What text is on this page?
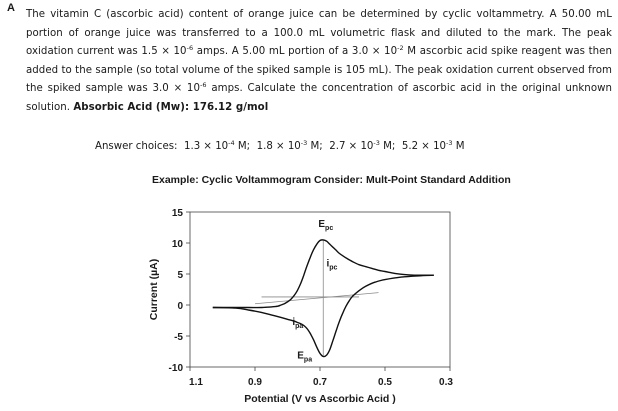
A
The vitamin C (ascorbic acid) content of orange juice can be determined by cyclic voltammetry. A 50.00 mL portion of orange juice was transferred to a 100.0 mL volumetric flask and diluted to the mark. The peak oxidation current was $1.5 \times 10^{-6}$ amps. A 5.00 mL portion of a $3.0 \times 10^{-2}$ M ascorbic acid spike reagent was then added to the sample (so total volume of the spiked sample is 105 mL). The peak oxidation current observed from the spiked sample was $3.0 \times 10^{-6}$ amps. Calculate the concentration of ascorbic acid in the original unknown solution. Absorbic Acid (Mw): 176.12 g/mol
Answer choices: $1.3 \times 10^{-4}$ M; $1.8 \times 10^{-3}$ M; $2.7 \times 10^{-3}$ M; $5.2 \times 10^{-3}$ M
Example: Cyclic Voltammogram Consider: Mult-Point Standard Addition
15
10
5
0
-5
-10
1.1	0.9	0.7	0.5	0.3
Potential (V vs Ascorbic Acid )
Current (µA)
$E_{pc}$
$i_{pc}$
$i_{pa}$
$E_{pa}$
